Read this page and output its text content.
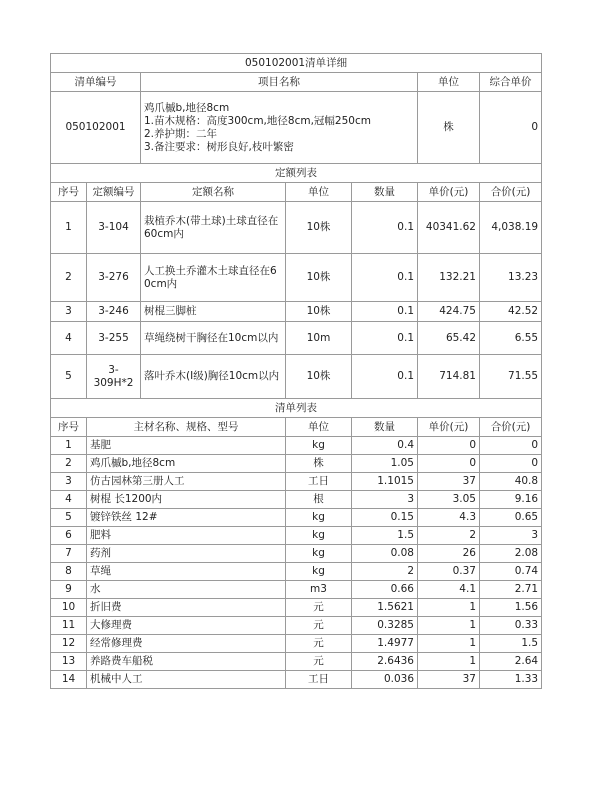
050102001清单详细						
清单编号		项目名称			单位	综合单价
050102001		鸡爪槭b,地径8cm
1.苗木规格：高度300cm,地径8cm,冠幅250cm
2.养护期：二年
3.备注要求：树形良好,枝叶繁密			株	0
定额列表						
序号	定额编号	定额名称	单位	数量	单价(元)	合价(元)
1	3-104	栽植乔木(带土球)土球直径在60cm内	10株	0.1	40341.62	4,038.19
2	3-276	人工换土乔灌木土球直径在60cm内	10株	0.1	132.21	13.23
3	3-246	树棍三脚桩	10株	0.1	424.75	42.52
4	3-255	草绳绕树干胸径在10cm以内	10m	0.1	65.42	6.55
5	3-309H*2	落叶乔木(I级)胸径10cm以内	10株	0.1	714.81	71.55
清单列表						
序号	主材名称、规格、型号		单位	数量	单价(元)	合价(元)
1	基肥		kg	0.4	0	0
2	鸡爪槭b,地径8cm		株	1.05	0	0
3	仿古园林第三册人工		工日	1.1015	37	40.8
4	树棍 长1200内		根	3	3.05	9.16
5	镀锌铁丝 12#		kg	0.15	4.3	0.65
6	肥料		kg	1.5	2	3
7	药剂		kg	0.08	26	2.08
8	草绳		kg	2	0.37	0.74
9	水		m3	0.66	4.1	2.71
10	折旧费		元	1.5621	1	1.56
11	大修理费		元	0.3285	1	0.33
12	经常修理费		元	1.4977	1	1.5
13	养路费车船税		元	2.6436	1	2.64
14	机械中人工		工日	0.036	37	1.33
